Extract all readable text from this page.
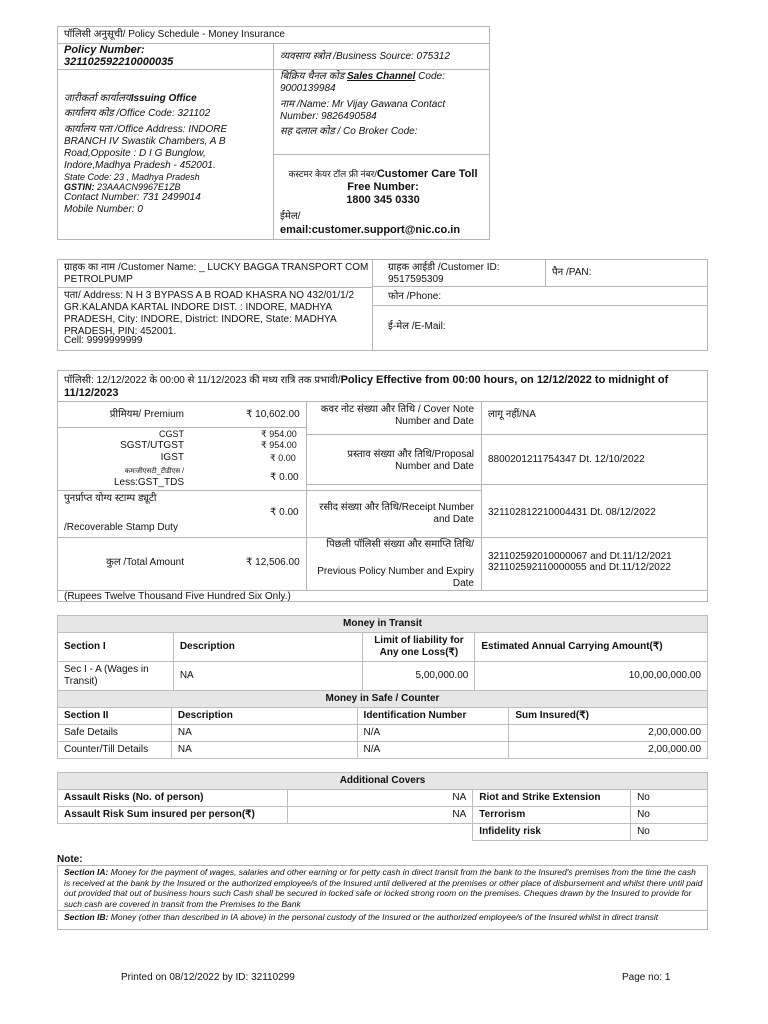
पॉलिसी अनुसूची/ Policy Schedule - Money Insurance
Policy Number:
321102592210000035	व्यवसाय स्त्रोत /Business Source: 075312
जारीकर्ता कार्यालयIssuing Office
कार्यालय कोड /Office Code: 321102
कार्यालय पता /Office Address: INDORE BRANCH IV Swastik Chambers, A B Road,Opposite : D I G Bunglow, Indore,Madhya Pradesh - 452001.
State Code: 23 , Madhya Pradesh
GSTIN: 23AAACN9967E1ZB
Contact Number: 731 2499014
Mobile Number: 0
बिक्रिय चैनल कोड Sales Channel Code: 9000139984
नाम /Name: Mr Vijay Gawana Contact Number: 9826490584
सह दलाल कोड / Co Broker Code:
कस्टमर केयर टॉल फ्री नंबर/Customer Care Toll Free Number:
1800 345 0330
ईमेल/
email:customer.support@nic.co.in
ग्राहक का नाम /Customer Name: _ LUCKY BAGGA TRANSPORT COM PETROLPUMP
ग्राहक आईडी /Customer ID: 9517595309
पैन /PAN:
पता/ Address: N H 3 BYPASS A B ROAD KHASRA NO 432/01/1/2 GR.KALANDA KARTAL INDORE DIST. : INDORE, MADHYA PRADESH, City: INDORE, District: INDORE, State: MADHYA PRADESH, PIN: 452001.
Cell: 9999999999
फोन /Phone:
ई-मेल /E-Mail:
पॉलिसी: 12/12/2022 के 00:00 से 11/12/2023 की मध्य रात्रि तक प्रभावी/Policy Effective from 00:00 hours, on 12/12/2022 to midnight of 11/12/2023
प्रीमियम/ Premium	₹ 10,602.00
CGST	₹ 954.00
SGST/UTGST	₹ 954.00
IGST	₹ 0.00
कमःजीएसटी_टीडीएस /
Less:GST_TDS	₹ 0.00
पुनर्प्राप्त योग्य स्टाम्प ड्यूटी
/Recoverable Stamp Duty
₹ 0.00
कुल /Total Amount	₹ 12,506.00
(Rupees Twelve Thousand Five Hundred Six Only.)
कवर नोट संख्या और तिथि / Cover Note Number and Date
लागू नहीं/NA
प्रस्ताव संख्या और तिथि/Proposal Number and Date
8800201211754347 Dt. 12/10/2022
रसीद संख्या और तिथि/Receipt Number and Date
321102812210004431 Dt. 08/12/2022
पिछली पॉलिसी संख्या और समाप्ति तिथि/
Previous Policy Number and Expiry Date
321102592010000067 and Dt.11/12/2021
321102592110000055 and Dt.11/12/2022
Money in Transit			
Section I	Description	Limit of liability for Any one Loss(₹)	Estimated Annual Carrying Amount(₹)
Sec I - A (Wages in Transit)	NA	5,00,000.00	10,00,00,000.00
Money in Safe / Counter			
Section II	Description	Identification Number	Sum Insured(₹)
Safe Details	NA	N/A	2,00,000.00
Counter/Till Details	NA	N/A	2,00,000.00
Additional Covers			
Assault Risks (No. of person)	NA	Riot and Strike Extension	No
Assault Risk Sum insured per person(₹)	NA	Terrorism	No
		Infidelity risk	No
Note:
Section IA: Money for the payment of wages, salaries and other earning or for petty cash in direct transit from the bank to the Insured's premises from the time the cash is received at the bank by the Insured or the authorized employee/s of the Insured until delivered at the premises or other place of disbursement and whilst there until paid out provided that out of business hours such Cash shall be secured in locked safe or locked strong room on the premises. Cheques drawn by the Insured to provide for such cash are covered in transit from the Premises to the Bank
Section IB: Money (other than described in IA above) in the personal custody of the Insured or the authorized employee/s of the Insured whilst in direct transit
Printed on 08/12/2022 by ID: 32110299	Page no: 1
